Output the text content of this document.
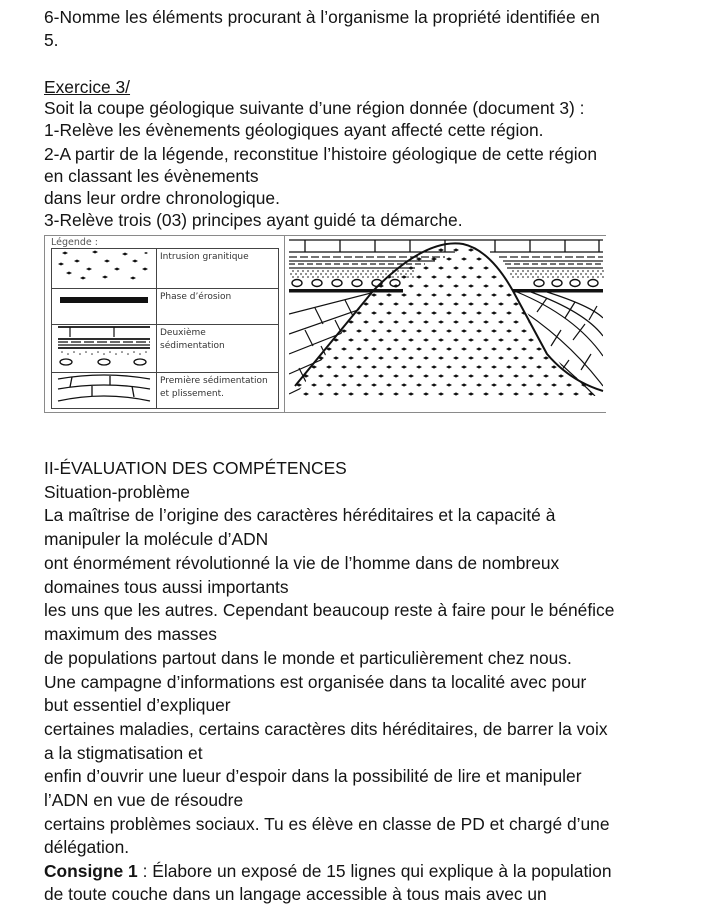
6-Nomme les éléments procurant à l’organisme la propriété identifiée en
5.
Exercice 3/
Soit la coupe géologique suivante d’une région donnée (document 3) :
1-Relève les évènements géologiques ayant affecté cette région.
2-A partir de la légende, reconstitue l’histoire géologique de cette région
en classant les évènements
dans leur ordre chronologique.
3-Relève trois (03) principes ayant guidé ta démarche.
Légende :
	Intrusion granitique
	Phase d’érosion

Deuxième
sédimentation

Première sédimentation
et plissement.
II-ÉVALUATION DES COMPÉTENCES
Situation-problème
La maîtrise de l’origine des caractères héréditaires et la capacité à
manipuler la molécule d’ADN
ont énormément révolutionné la vie de l’homme dans de nombreux
domaines tous aussi importants
les uns que les autres. Cependant beaucoup reste à faire pour le bénéfice
maximum des masses
de populations partout dans le monde et particulièrement chez nous.
Une campagne d’informations est organisée dans ta localité avec pour
but essentiel d’expliquer
certaines maladies, certains caractères dits héréditaires, de barrer la voix
a la stigmatisation et
enfin d’ouvrir une lueur d’espoir dans la possibilité de lire et manipuler
l’ADN en vue de résoudre
certains problèmes sociaux. Tu es élève en classe de PD et chargé d’une
délégation.
Consigne 1 : Élabore un exposé de 15 lignes qui explique à la population
de toute couche dans un langage accessible à tous mais avec un
